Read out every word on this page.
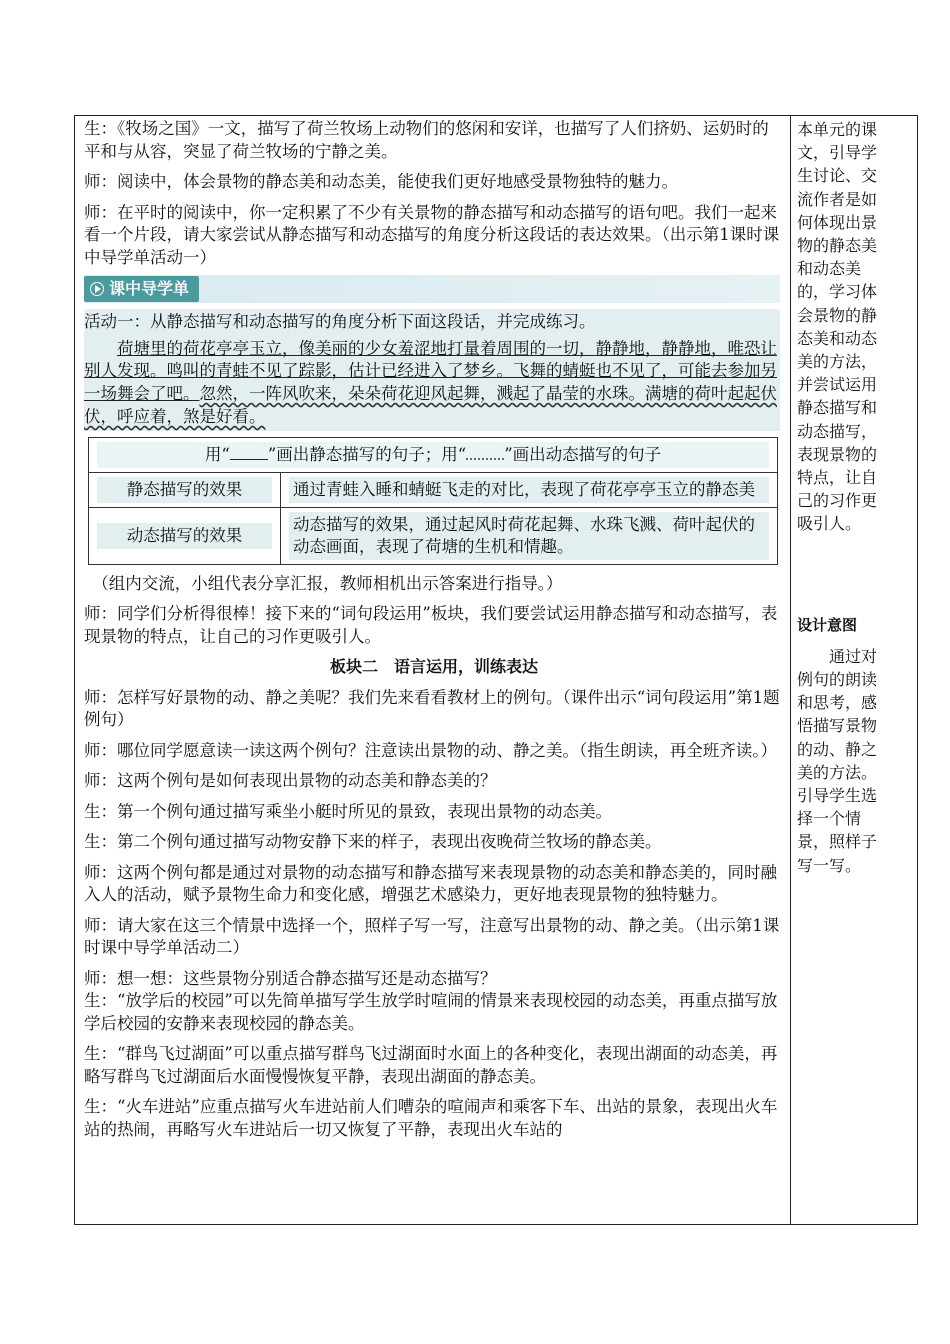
生：《牧场之国》一文，描写了荷兰牧场上动物们的悠闲和安详，也描写了人们挤奶、运奶时的平和与从容，突显了荷兰牧场的宁静之美。

师：阅读中，体会景物的静态美和动态美，能使我们更好地感受景物独特的魅力。

师：在平时的阅读中，你一定积累了不少有关景物的静态描写和动态描写的语句吧。我们一起来看一个片段，请大家尝试从静态描写和动态描写的角度分析这段话的表达效果。（出示第1课时课中导学单活动一）

课中导学单

活动一：从静态描写和动态描写的角度分析下面这段话，并完成练习。

荷塘里的荷花亭亭玉立，像美丽的少女羞涩地打量着周围的一切，静静地，静静地，唯恐让别人发现。鸣叫的青蛙不见了踪影，估计已经进入了梦乡。飞舞的蜻蜓也不见了，可能去参加另一场舞会了吧。忽然，一阵风吹来，朵朵荷花迎风起舞，溅起了晶莹的水珠。满塘的荷叶起起伏伏，呼应着，煞是好看。

用“ ”画出静态描写的句子；用“ ”画出动态描写的句子	

静态描写的效果	通过青蛙入睡和蜻蜓飞走的对比，表现了荷花亭亭玉立的静态美

动态描写的效果	动态描写的效果，通过起风时荷花起舞、水珠飞溅、荷叶起伏的动态画面，表现了荷塘的生机和情趣。

（组内交流，小组代表分享汇报，教师相机出示答案进行指导。）

师：同学们分析得很棒！接下来的“词句段运用”板块，我们要尝试运用静态描写和动态描写，表现景物的特点，让自己的习作更吸引人。

板块二　语言运用，训练表达

师：怎样写好景物的动、静之美呢？我们先来看看教材上的例句。（课件出示“词句段运用”第1题例句）

师：哪位同学愿意读一读这两个例句？注意读出景物的动、静之美。（指生朗读，再全班齐读。）

师：这两个例句是如何表现出景物的动态美和静态美的？

生：第一个例句通过描写乘坐小艇时所见的景致，表现出景物的动态美。

生：第二个例句通过描写动物安静下来的样子，表现出夜晚荷兰牧场的静态美。

师：这两个例句都是通过对景物的动态描写和静态描写来表现景物的动态美和静态美的，同时融入人的活动，赋予景物生命力和变化感，增强艺术感染力，更好地表现景物的独特魅力。

师：请大家在这三个情景中选择一个，照样子写一写，注意写出景物的动、静之美。（出示第1课时课中导学单活动二）

师：想一想：这些景物分别适合静态描写还是动态描写？

生：“放学后的校园”可以先简单描写学生放学时喧闹的情景来表现校园的动态美，再重点描写放学后校园的安静来表现校园的静态美。

生：“群鸟飞过湖面”可以重点描写群鸟飞过湖面时水面上的各种变化，表现出湖面的动态美，再略写群鸟飞过湖面后水面慢慢恢复平静，表现出湖面的静态美。

生：“火车进站”应重点描写火车进站前人们嘈杂的喧闹声和乘客下车、出站的景象，表现出火车站的热闹，再略写火车进站后一切又恢复了平静，表现出火车站的

本单元的课文，引导学生讨论、交流作者是如何体现出景物的静态美和动态美的，学习体会景物的静态美和动态美的方法，并尝试运用静态描写和动态描写，表现景物的特点，让自己的习作更吸引人。
设计意图
通过对例句的朗读和思考，感悟描写景物的动、静之美的方法。引导学生选择一个情景，照样子写一写。
